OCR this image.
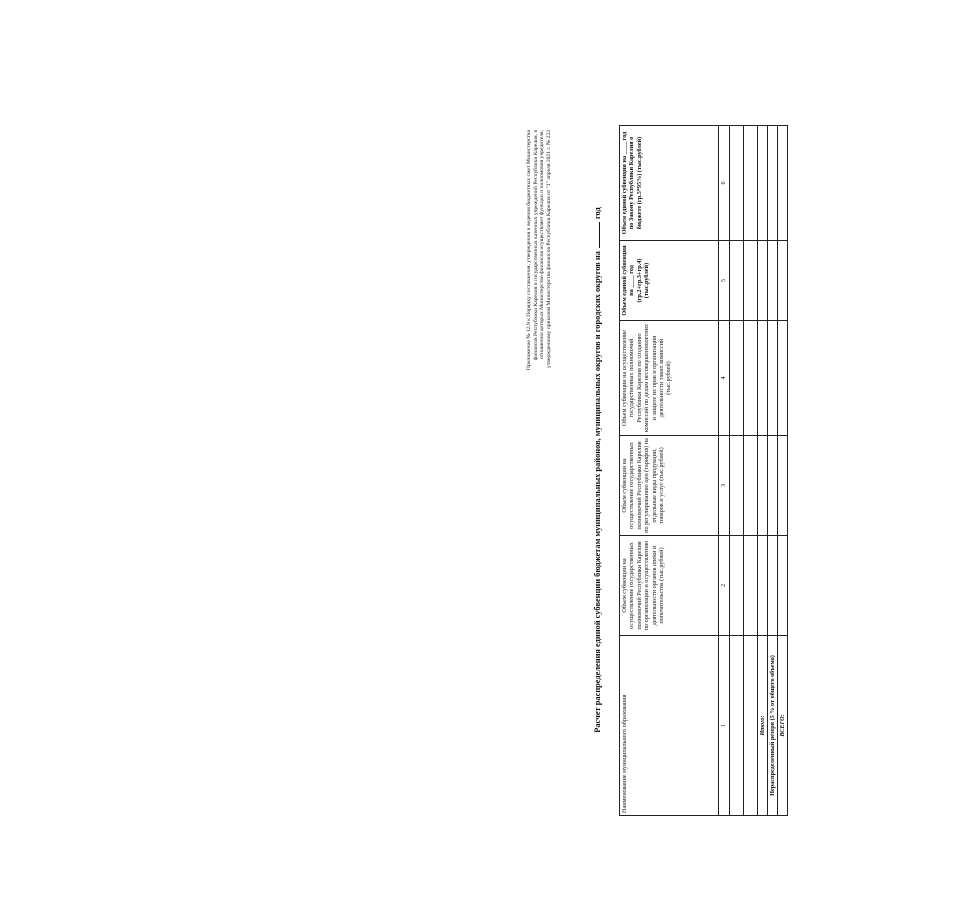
Приложение № 12.9 к Порядку составления, утверждения и ведения бюджетных смет Министерства финансов Республики Карелия и государственных казенных учреждений Республики Карелия, в отношении которых Министерство финансов осуществляет функции и полномочия учредителя, утвержденному приказом Министерства финансов Республики Карелия от "1" апреля 2021 г. № 222
Расчет распределения единой субвенции бюджетам муниципальных районов, муниципальных округов и городских округов нагод
Наименование муниципального образования	Объем субвенции на осуществление государственных полномочий Республики Карелия по организации и осуществлению деятельности органов опеки и попечительства (тыс.рублей)	Объем субвенции на осуществление государственных полномочий Республики Карелия по регулированию цен (тарифов) на отдельные виды продукции, товаров и услуг (тыс.рублей)	Объем субвенции на осуществление государственных полномочий Республики Карелия по созданию комиссий по делам несовершеннолетних и защите их прав и организации деятельности таких комиссий (тыс.рублей)	Объем единой субвенции на ____ год (гр.2+гр.3+гр.4) (тыс.рублей)	Объем единой субвенции на ____ год по Закону Республики Карелия о бюджете (гр.5*95%) (тыс.рублей)
1	2	3	4	5	6

Итого:					
Нераспределенный резерв (5 % от общего объема)					
ВСЕГО:					
